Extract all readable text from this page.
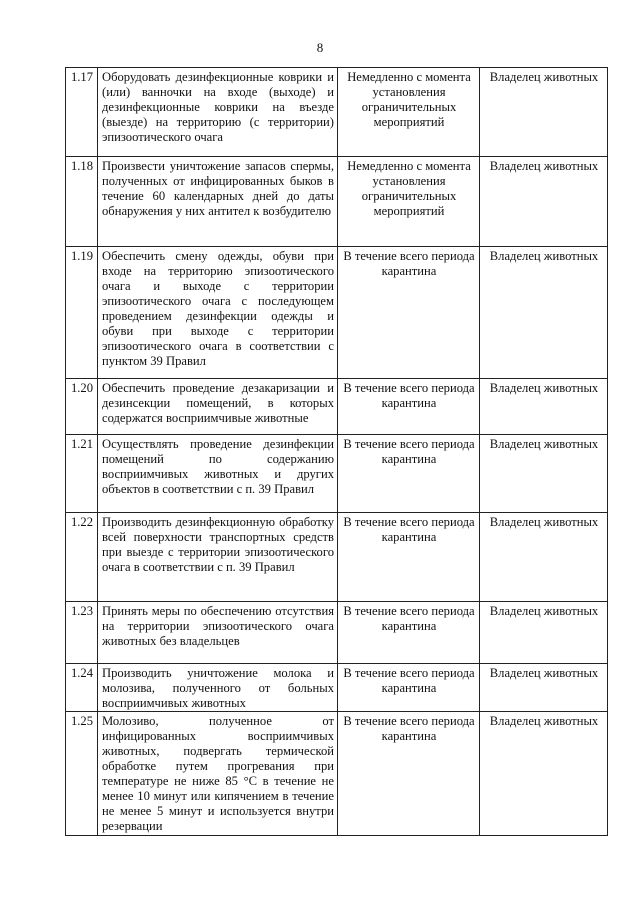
8
1.17	Оборудовать дезинфекционные коврики и (или) ванночки на входе (выходе) и дезинфекционные коврики на въезде (выезде) на территорию (с территории) эпизоотического очага	Немедленно с момента установления ограничительных мероприятий	Владелец животных
1.18	Произвести уничтожение запасов спермы, полученных от инфицированных быков в течение 60 календарных дней до даты обнаружения у них антител к возбудителю	Немедленно с момента установления ограничительных мероприятий	Владелец животных
1.19	Обеспечить смену одежды, обуви при входе на территорию эпизоотического очага и выходе с территории эпизоотического очага с последующем проведением дезинфекции одежды и обуви при выходе с территории эпизоотического очага в соответствии с пунктом 39 Правил	В течение всего периода карантина	Владелец животных
1.20	Обеспечить проведение дезакаризации и дезинсекции помещений, в которых содержатся восприимчивые животные	В течение всего периода карантина	Владелец животных
1.21	Осуществлять проведение дезинфекции помещений по содержанию восприимчивых животных и других объектов в соответствии с п. 39 Правил	В течение всего периода карантина	Владелец животных
1.22	Производить дезинфекционную обработку всей поверхности транспортных средств при выезде с территории эпизоотического очага в соответствии с п. 39 Правил	В течение всего периода карантина	Владелец животных
1.23	Принять меры по обеспечению отсутствия на территории эпизоотического очага животных без владельцев	В течение всего периода карантина	Владелец животных
1.24	Производить уничтожение молока и молозива, полученного от больных восприимчивых животных	В течение всего периода карантина	Владелец животных
1.25	Молозиво, полученное от инфицированных восприимчивых животных, подвергать термической обработке путем прогревания при температуре не ниже 85 °С в течение не менее 10 минут или кипячением в течение не менее 5 минут и используется внутри резервации	В течение всего периода карантина	Владелец животных
